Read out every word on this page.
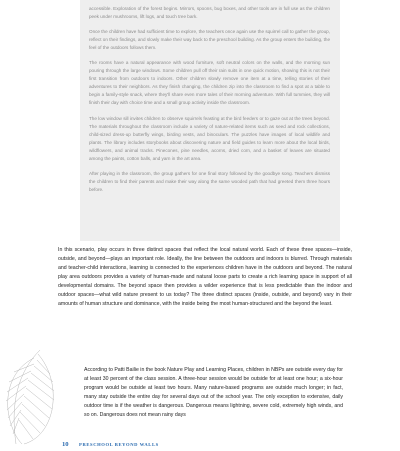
accessible. Exploration of the forest begins. Mirrors, spoons, bug boxes, and other tools are in full use as the children peek under mushrooms, lift logs, and touch tree bark.

Once the children have had sufficient time to explore, the teachers once again use the squirrel call to gather the group, reflect on their findings, and slowly make their way back to the preschool building. As the group enters the building, the feel of the outdoors follows them.

The rooms have a natural appearance with wood furniture, soft neutral colors on the walls, and the morning sun pouring through the large windows. Some children pull off their rain suits in one quick motion, showing this is not their first transition from outdoors to indoors. Other children slowly remove one item at a time, telling stories of their adventures to their neighbors. As they finish changing, the children zip into the classroom to find a spot at a table to begin a family-style snack, where they'll share even more tales of their morning adventure. With full tummies, they will finish their day with choice time and a small group activity inside the classroom.

The low window sill invites children to observe squirrels feasting at the bird feeders or to gaze out at the trees beyond. The materials throughout the classroom include a variety of nature-related items such as seed and rock collections, child-sized dress-up butterfly wings, birding vests, and binoculars. The puzzles have images of local wildlife and plants. The library includes storybooks about discovering nature and field guides to learn more about the local birds, wildflowers, and animal tracks. Pinecones, pine needles, acorns, dried corn, and a basket of leaves are situated among the paints, cotton balls, and yarn in the art area.

After playing in the classroom, the group gathers for one final story followed by the goodbye song. Teachers dismiss the children to find their parents and make their way along the same wooded path that had greeted them three hours before.

In this scenario, play occurs in three distinct spaces that reflect the local natural world. Each of these three spaces—inside, outside, and beyond—plays an important role. Ideally, the line between the outdoors and indoors is blurred. Through materials and teacher-child interactions, learning is connected to the experiences children have in the outdoors and beyond. The natural play area outdoors provides a variety of human-made and natural loose parts to create a rich learning space in support of all developmental domains. The beyond space then provides a wilder experience that is less predictable than the indoor and outdoor spaces—what wild nature present to us today? The three distinct spaces (inside, outside, and beyond) vary in their amounts of human structure and dominance, with the inside being the most human-structured and the beyond the least.

According to Patti Bailie in the book Nature Play and Learning Places, children in NBPs are outside every day for at least 30 percent of the class session. A three-hour session would be outside for at least one hour; a six-hour program would be outside at least two hours. Many nature-based programs are outside much longer; in fact, many stay outside the entire day for several days out of the school year. The only exception to extensive, daily outdoor time is if the weather is dangerous. Dangerous means lightning, severe cold, extremely high winds, and so on. Dangerous does not mean rainy days

10 PRESCHOOL BEYOND WALLS
